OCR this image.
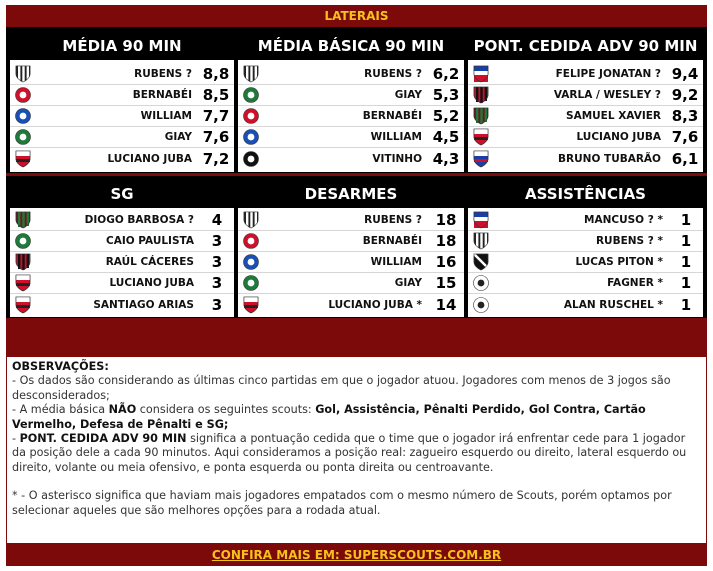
LATERAIS
MÉDIA 90 MIN
RUBENS ? 8,8
BERNABÉI 8,5
WILLIAM 7,7
GIAY 7,6
LUCIANO JUBA 7,2
MÉDIA BÁSICA 90 MIN
RUBENS ? 6,2
GIAY 5,3
BERNABÉI 5,2
WILLIAM 4,5
VITINHO 4,3
PONT. CEDIDA ADV 90 MIN
FELIPE JONATAN ? 9,4
VARLA / WESLEY ? 9,2
SAMUEL XAVIER 8,3
LUCIANO JUBA 7,6
BRUNO TUBARÃO 6,1
SG
DIOGO BARBOSA ?	4
CAIO PAULISTA	3
RAÚL CÁCERES	3
LUCIANO JUBA	3
SANTIAGO ARIAS	3
DESARMES
RUBENS ? 18
BERNABÉI 18
WILLIAM 16
GIAY 15
LUCIANO JUBA * 14
ASSISTÊNCIAS
MANCUSO ? *	1
RUBENS ? *	1
LUCAS PITON *	1
FAGNER *	1
ALAN RUSCHEL *	1
OBSERVAÇÕES:
- Os dados são considerando as últimas cinco partidas em que o jogador atuou. Jogadores com menos de 3 jogos são desconsiderados;
- A média básica NÃO considera os seguintes scouts: Gol, Assistência, Pênalti Perdido, Gol Contra, Cartão Vermelho, Defesa de Pênalti e SG;
- PONT. CEDIDA ADV 90 MIN significa a pontuação cedida que o time que o jogador irá enfrentar cede para 1 jogador da posição dele a cada 90 minutos. Aqui consideramos a posição real: zagueiro esquerdo ou direito, lateral esquerdo ou direito, volante ou meia ofensivo, e ponta esquerda ou ponta direita ou centroavante.
* - O asterisco significa que haviam mais jogadores empatados com o mesmo número de Scouts, porém optamos por selecionar aqueles que são melhores opções para a rodada atual.
CONFIRA MAIS EM: SUPERSCOUTS.COM.BR
